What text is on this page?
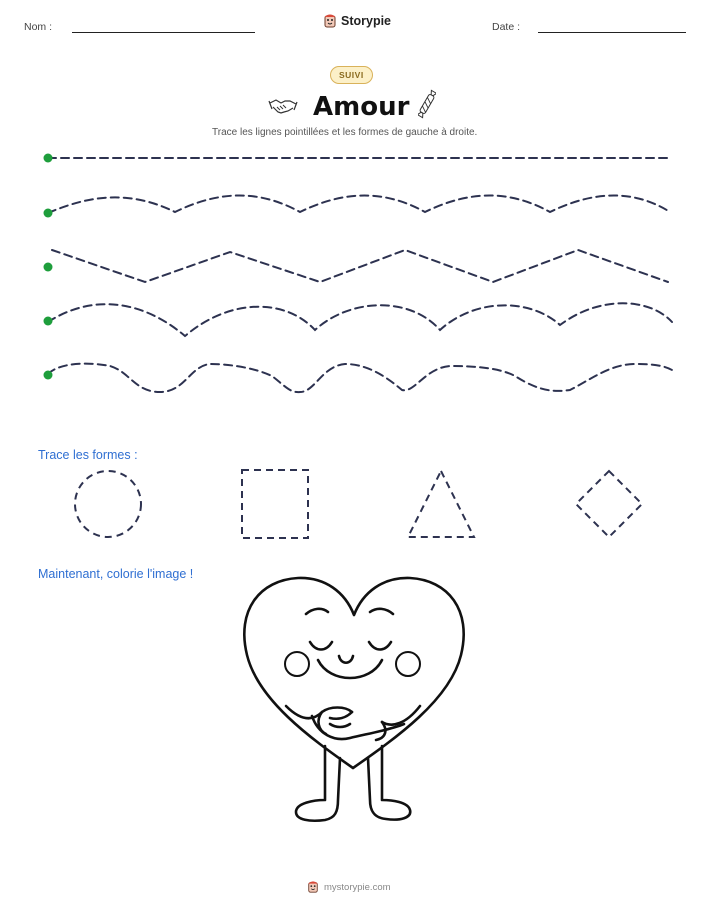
Nom :	Storypie	Date :
SUIVI
Amour
Trace les lignes pointillées et les formes de gauche à droite.
Trace les formes :
Maintenant, colorie l'image !
mystorypie.com
